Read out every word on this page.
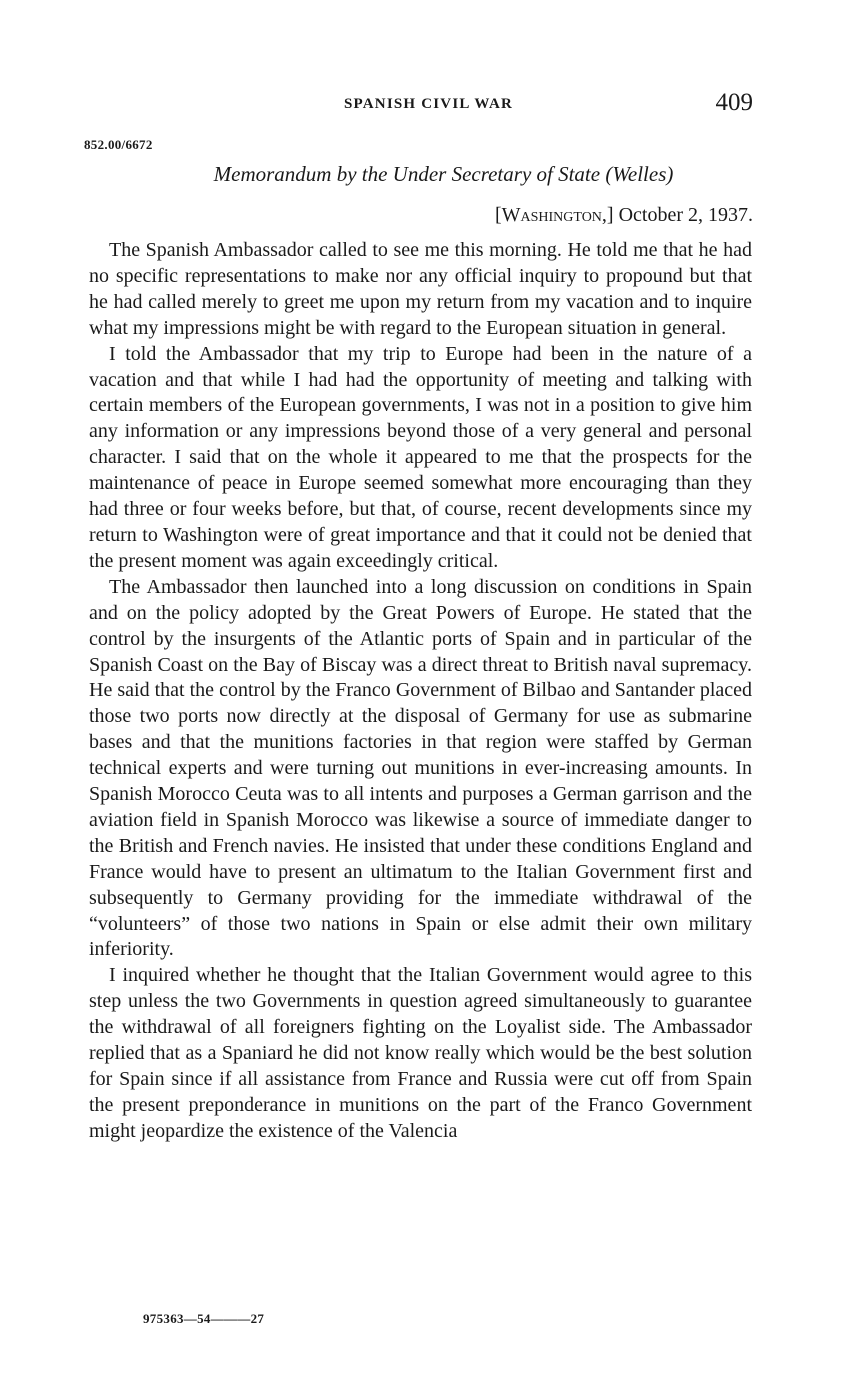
SPANISH CIVIL WAR	409
852.00/6672
Memorandum by the Under Secretary of State (Welles)
[Washington,] October 2, 1937.

The Spanish Ambassador called to see me this morning. He told me that he had no specific representations to make nor any official inquiry to propound but that he had called merely to greet me upon my return from my vacation and to inquire what my impressions might be with regard to the European situation in general.

I told the Ambassador that my trip to Europe had been in the nature of a vacation and that while I had had the opportunity of meeting and talking with certain members of the European governments, I was not in a position to give him any information or any impressions beyond those of a very general and personal character. I said that on the whole it appeared to me that the prospects for the maintenance of peace in Europe seemed somewhat more encouraging than they had three or four weeks before, but that, of course, recent developments since my return to Washington were of great importance and that it could not be denied that the present moment was again exceedingly critical.

The Ambassador then launched into a long discussion on conditions in Spain and on the policy adopted by the Great Powers of Europe. He stated that the control by the insurgents of the Atlantic ports of Spain and in particular of the Spanish Coast on the Bay of Biscay was a direct threat to British naval supremacy. He said that the control by the Franco Government of Bilbao and Santander placed those two ports now directly at the disposal of Germany for use as submarine bases and that the munitions factories in that region were staffed by German technical experts and were turning out munitions in ever-increasing amounts. In Spanish Morocco Ceuta was to all intents and purposes a German garrison and the aviation field in Spanish Morocco was likewise a source of immediate danger to the British and French navies. He insisted that under these conditions England and France would have to present an ultimatum to the Italian Government first and subsequently to Germany providing for the immediate withdrawal of the “volunteers” of those two nations in Spain or else admit their own military inferiority.

I inquired whether he thought that the Italian Government would agree to this step unless the two Governments in question agreed simultaneously to guarantee the withdrawal of all foreigners fighting on the Loyalist side. The Ambassador replied that as a Spaniard he did not know really which would be the best solution for Spain since if all assistance from France and Russia were cut off from Spain the present preponderance in munitions on the part of the Franco Government might jeopardize the existence of the Valencia

975363—54———27
